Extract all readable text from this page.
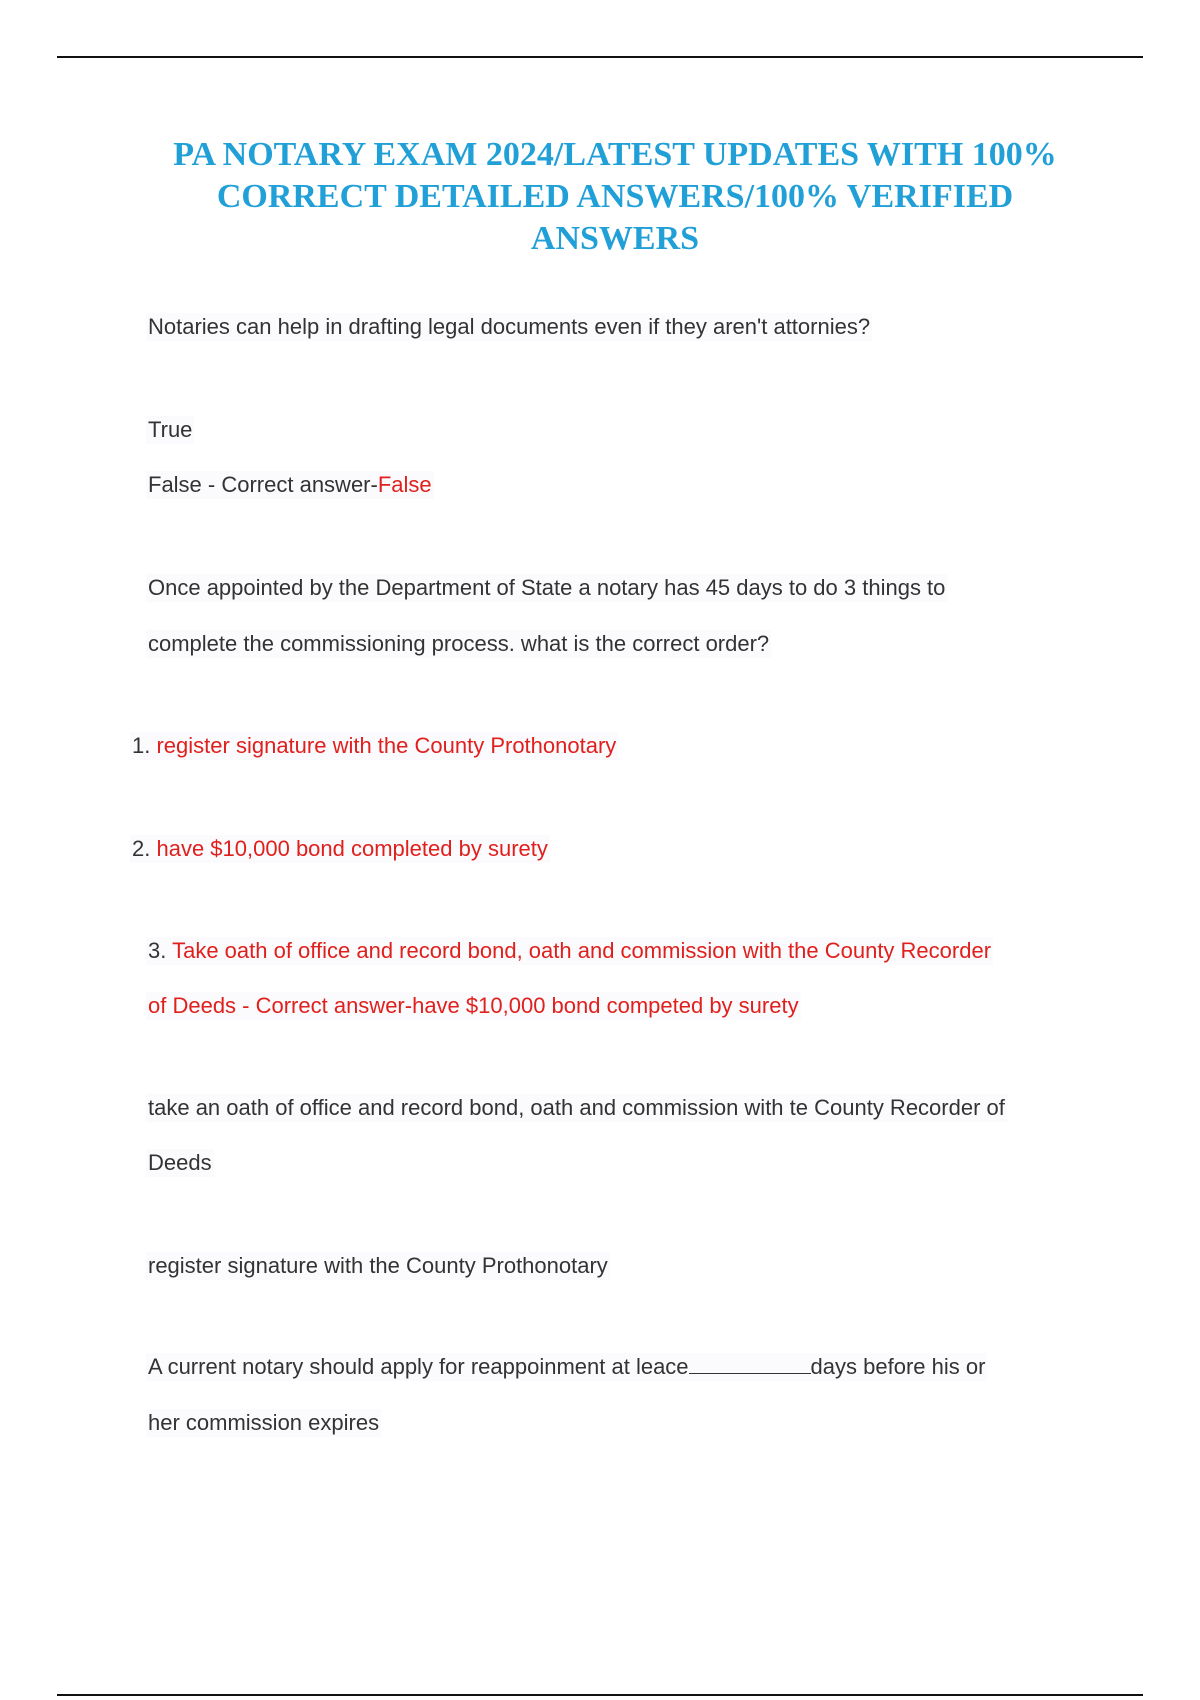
PA NOTARY EXAM 2024/LATEST UPDATES WITH 100%
CORRECT DETAILED ANSWERS/100% VERIFIED
ANSWERS
Notaries can help in drafting legal documents even if they aren't attornies?
True
False - Correct answer-False
Once appointed by the Department of State a notary has 45 days to do 3 things to
complete the commissioning process. what is the correct order?
1. register signature with the County Prothonotary
2. have $10,000 bond completed by surety
3. Take oath of office and record bond, oath and commission with the County Recorder
of Deeds - Correct answer-have $10,000 bond competed by surety
take an oath of office and record bond, oath and commission with te County Recorder of
Deeds
register signature with the County Prothonotary
A current notary should apply for reappoinment at leace	days before his or
her commission expires
